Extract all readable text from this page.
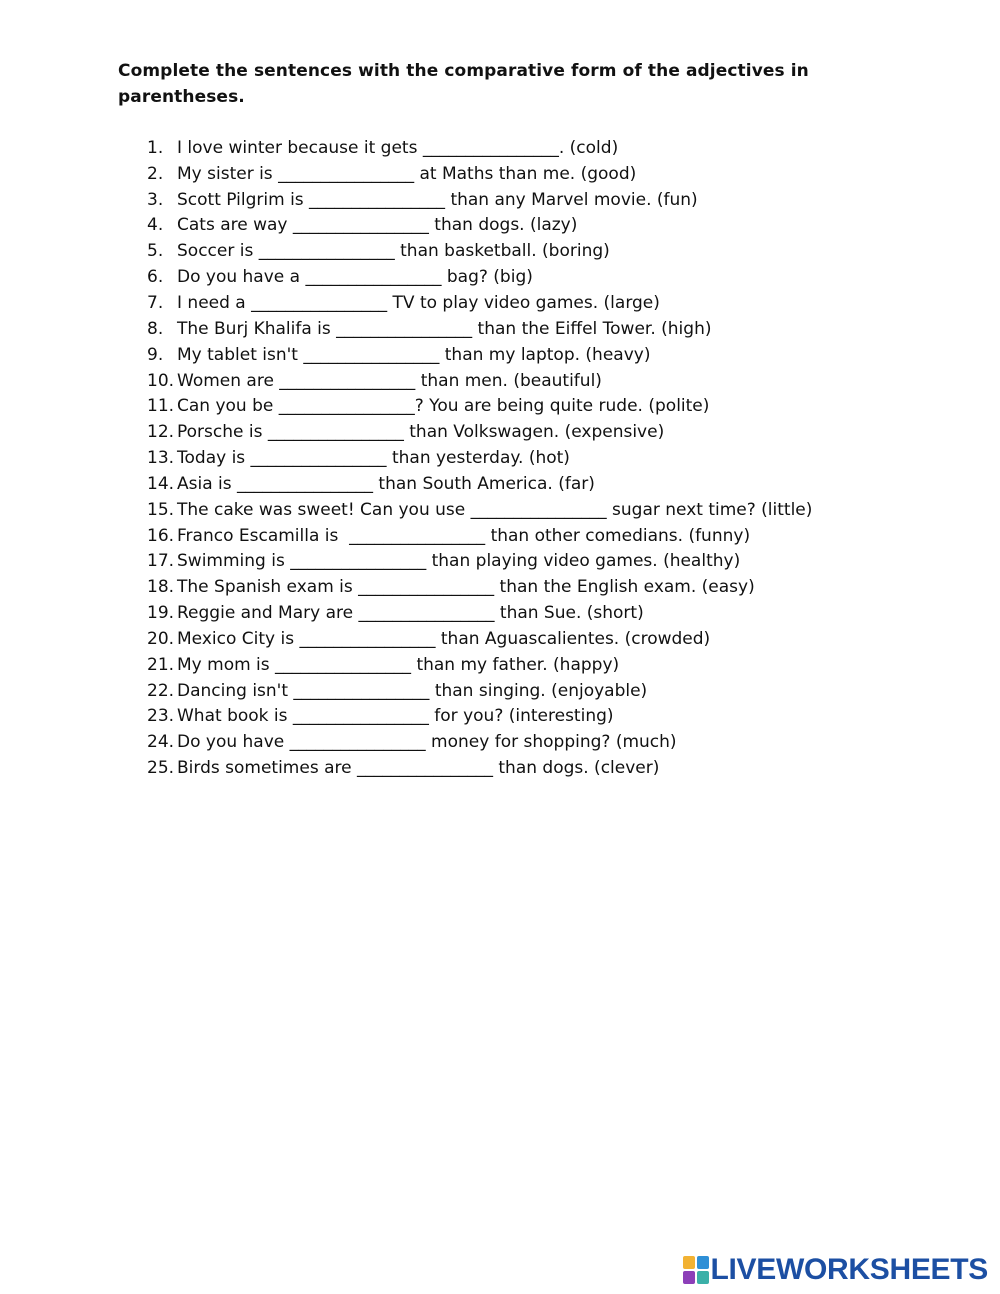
Complete the sentences with the comparative form of the adjectives in parentheses.
1. I love winter because it gets ________________. (cold)
2. My sister is ________________ at Maths than me. (good)
3. Scott Pilgrim is ________________ than any Marvel movie. (fun)
4. Cats are way ________________ than dogs. (lazy)
5. Soccer is ________________ than basketball. (boring)
6. Do you have a ________________ bag? (big)
7. I need a ________________ TV to play video games. (large)
8. The Burj Khalifa is ________________ than the Eiffel Tower. (high)
9. My tablet isn't ________________ than my laptop. (heavy)
10. Women are ________________ than men. (beautiful)
11. Can you be ________________? You are being quite rude. (polite)
12. Porsche is ________________ than Volkswagen. (expensive)
13. Today is ________________ than yesterday. (hot)
14. Asia is ________________ than South America. (far)
15. The cake was sweet! Can you use ________________ sugar next time? (little)
16. Franco Escamilla is  ________________ than other comedians. (funny)
17. Swimming is ________________ than playing video games. (healthy)
18. The Spanish exam is ________________ than the English exam. (easy)
19. Reggie and Mary are ________________ than Sue. (short)
20. Mexico City is ________________ than Aguascalientes. (crowded)
21. My mom is ________________ than my father. (happy)
22. Dancing isn't ________________ than singing. (enjoyable)
23. What book is ________________ for you? (interesting)
24. Do you have ________________ money for shopping? (much)
25. Birds sometimes are ________________ than dogs. (clever)
LIVEWORKSHEETS
